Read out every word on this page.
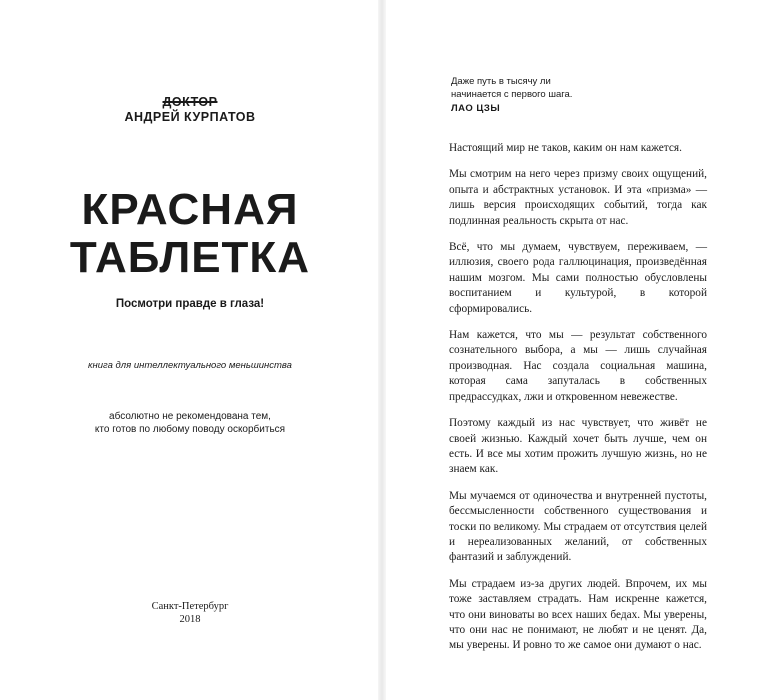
ДОКТОР
АНДРЕЙ КУРПАТОВ
КРАСНАЯ
ТАБЛЕТКА
Посмотри правде в глаза!
книга для интеллектуального меньшинства
абсолютно не рекомендована тем,
кто готов по любому поводу оскорбиться
Санкт-Петербург
2018
Даже путь в тысячу ли
начинается с первого шага.
ЛАО ЦЗЫ

Настоящий мир не таков, каким он нам кажется.

Мы смотрим на него через призму своих ощущений, опыта и абстрактных установок. И эта «призма» — лишь версия происходящих событий, тогда как подлинная реальность скрыта от нас.

Всё, что мы думаем, чувствуем, переживаем, — иллюзия, своего рода галлюцинация, произведённая нашим мозгом. Мы сами полностью обусловлены воспитанием и культурой, в которой сформировались.

Нам кажется, что мы — результат собственного сознательного выбора, а мы — лишь случайная производная. Нас создала социальная машина, которая сама запуталась в собственных предрассудках, лжи и откровенном невежестве.

Поэтому каждый из нас чувствует, что живёт не своей жизнью. Каждый хочет быть лучше, чем он есть. И все мы хотим прожить лучшую жизнь, но не знаем как.

Мы мучаемся от одиночества и внутренней пустоты, бессмысленности собственного существования и тоски по великому. Мы страдаем от отсутствия целей и нереализованных желаний, от собственных фантазий и заблуждений.

Мы страдаем из-за других людей. Впрочем, их мы тоже заставляем страдать. Нам искренне кажется, что они виноваты во всех наших бедах. Мы уверены, что они нас не понимают, не любят и не ценят. Да, мы уверены. И ровно то же самое они думают о нас.
